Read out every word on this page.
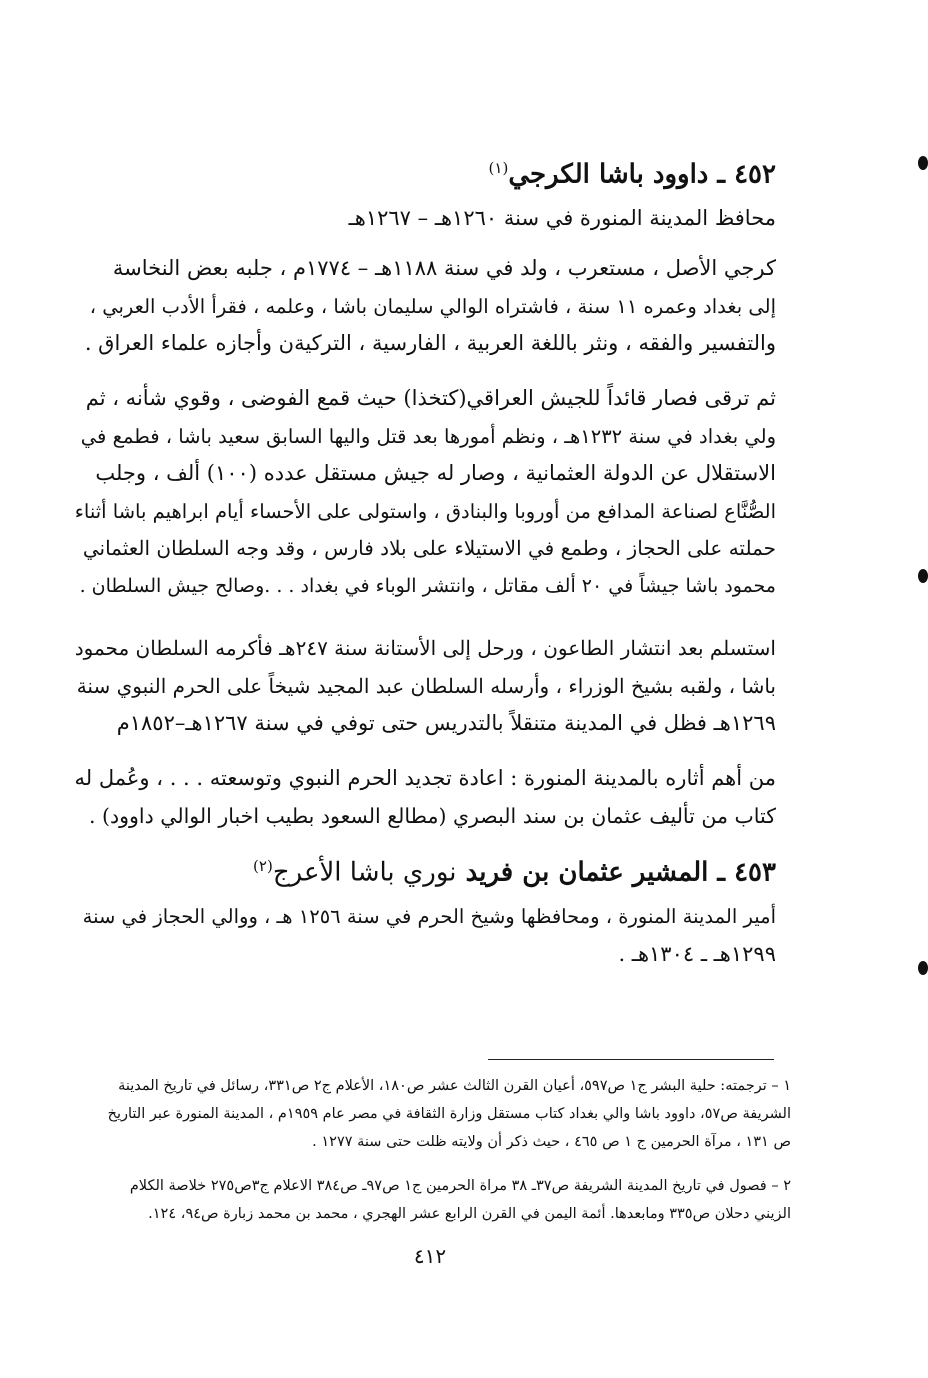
٤٥٢ ـ داوود باشا الكرجي$^{(١)}$
محافظ المدينة المنورة في سنة ١٢٦٠هـ – ١٢٦٧هـ
كرجي الأصل ، مستعرب ، ولد في سنة ١١٨٨هـ – ١٧٧٤م ، جلبه بعض النخاسة
إلى بغداد وعمره ١١ سنة ، فاشتراه الوالي سليمان باشا ، وعلمه ، فقرأ الأدب العربي ،
والتفسير والفقه ، ونثر باللغة العربية ، الفارسية ، التركيةن وأجازه علماء العراق .
ثم ترقى فصار قائداً للجيش العراقي(كتخذا) حيث قمع الفوضى ، وقوي شأنه ، ثم
ولي بغداد في سنة ١٢٣٢هـ ، ونظم أمورها بعد قتل واليها السابق سعيد باشا ، فطمع في
الاستقلال عن الدولة العثمانية ، وصار له جيش مستقل عدده (١٠٠) ألف ، وجلب
الصُّنَّاع لصناعة المدافع من أوروبا والبنادق ، واستولى على الأحساء أيام ابراهيم باشا أثناء
حملته على الحجاز ، وطمع في الاستيلاء على بلاد فارس ، وقد وجه السلطان العثماني
محمود باشا جيشاً في ٢٠ ألف مقاتل ، وانتشر الوباء في بغداد . . .وصالح جيش السلطان .
استسلم بعد انتشار الطاعون ، ورحل إلى الأستانة سنة ٢٤٧هـ فأكرمه السلطان محمود
باشا ، ولقبه بشيخ الوزراء ، وأرسله السلطان عبد المجيد شيخاً على الحرم النبوي سنة
١٢٦٩هـ فظل في المدينة متنقلاً بالتدريس حتى توفي في سنة ١٢٦٧هـ–١٨٥٢م
من أهم أثاره بالمدينة المنورة : اعادة تجديد الحرم النبوي وتوسعته . . . ، وعُمل له
كتاب من تأليف عثمان بن سند البصري (مطالع السعود بطيب اخبار الوالي داوود) .
٤٥٣ ـ المشير عثمان بن فريد نوري باشا الأعرج$^{(٢)}$
أمير المدينة المنورة ، ومحافظها وشيخ الحرم في سنة ١٢٥٦ هـ ، ووالي الحجاز في سنة
١٢٩٩هـ ـ ١٣٠٤هـ .
١ – ترجمته: حلية البشر ج١ ص٥٩٧، أعيان القرن الثالث عشر ص١٨٠، الأعلام ج٢ ص٣٣١، رسائل في تاريخ المدينة
الشريفة ص٥٧، داوود باشا والي بغداد كتاب مستقل وزارة الثقافة في مصر عام ١٩٥٩م ، المدينة المنورة عبر التاريخ
ص ١٣١ ، مرآة الحرمين ج ١ ص ٤٦٥ ، حيث ذكر أن ولايته ظلت حتى سنة ١٢٧٧ .
٢ – فصول في تاريخ المدينة الشريفة ص٣٧ـ ٣٨ مراة الحرمين ج١ ص٩٧ـ ص٣٨٤ الاعلام ج٣ص٢٧٥ خلاصة الكلام
الزيني دحلان ص٣٣٥ ومابعدها. أئمة اليمن في القرن الرابع عشر الهجري ، محمد بن محمد زبارة ص٩٤، ١٢٤.
٤١٢
